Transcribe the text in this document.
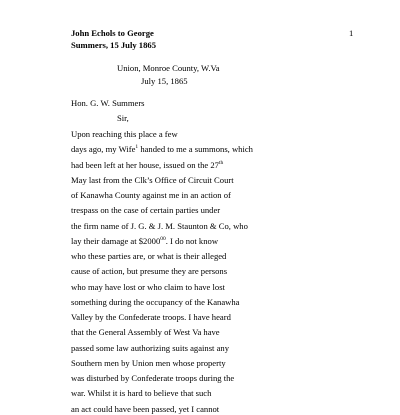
John Echols to George
Summers, 15 July 1865
1
Union, Monroe County, W.Va
July 15, 1865
Hon. G. W. Summers
Sir,
Upon reaching this place a few
days ago, my Wife$^1$ handed to me a summons, which
had been left at her house, issued on the 27th
May last from the Clk’s Office of Circuit Court
of Kanawha County against me in an action of
trespass on the case of certain parties under
the firm name of J. G. & J. M. Staunton & Co, who
lay their damage at $2000$^{00}$. I do not know
who these parties are, or what is their alleged
cause of action, but presume they are persons
who may have lost or who claim to have lost
something during the occupancy of the Kanawha
Valley by the Confederate troops. I have heard
that the General Assembly of West Va have
passed some law authorizing suits against any
Southern men by Union men whose property
was disturbed by Confederate troops during the
war. Whilst it is hard to believe that such
an act could have been passed, yet I cannot
